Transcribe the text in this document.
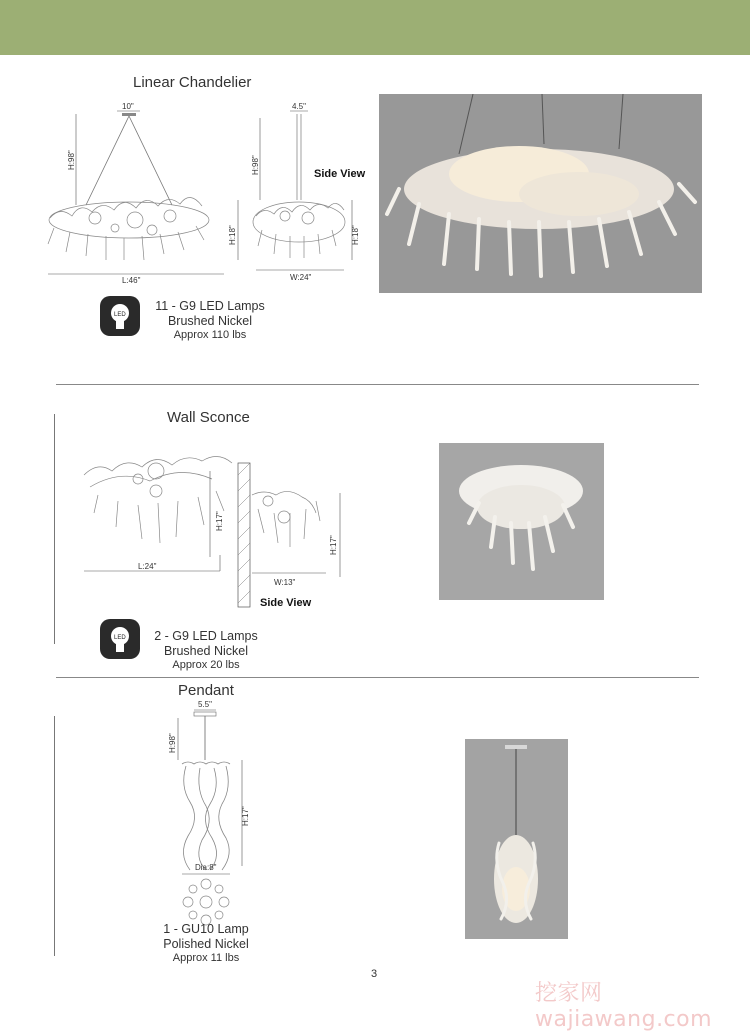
Linear Chandelier
10"
H:98"
H:18"
L:46"
4.5"
H:98"
H:18"
W:24"
Side View
LED
11 - G9 LED Lamps
Brushed Nickel
Approx 110 lbs
Wall Sconce
H:17"
L:24"
H:17"
W:13"
Side View
LED	2 - G9 LED Lamps
Brushed Nickel
Approx 20 lbs
Pendant
5.5"
H:98"
H:17"
Dia:8"
1 - GU10 Lamp
Polished Nickel
Approx 11 lbs
3
挖家网 wajiawang.com
